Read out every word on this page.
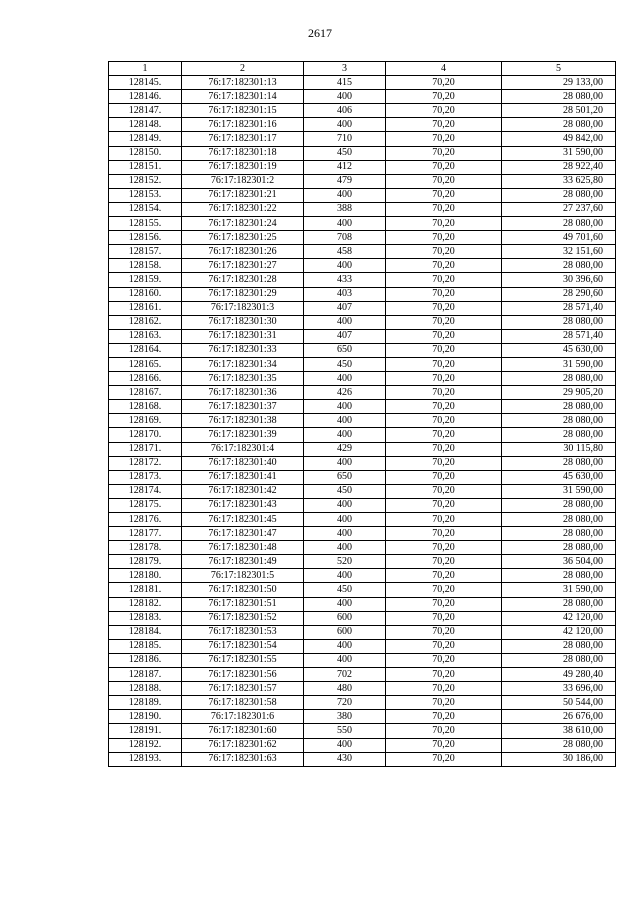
2617
1	2	3	4	5
128145.	76:17:182301:13	415	70,20	29 133,00
128146.	76:17:182301:14	400	70,20	28 080,00
128147.	76:17:182301:15	406	70,20	28 501,20
128148.	76:17:182301:16	400	70,20	28 080,00
128149.	76:17:182301:17	710	70,20	49 842,00
128150.	76:17:182301:18	450	70,20	31 590,00
128151.	76:17:182301:19	412	70,20	28 922,40
128152.	76:17:182301:2	479	70,20	33 625,80
128153.	76:17:182301:21	400	70,20	28 080,00
128154.	76:17:182301:22	388	70,20	27 237,60
128155.	76:17:182301:24	400	70,20	28 080,00
128156.	76:17:182301:25	708	70,20	49 701,60
128157.	76:17:182301:26	458	70,20	32 151,60
128158.	76:17:182301:27	400	70,20	28 080,00
128159.	76:17:182301:28	433	70,20	30 396,60
128160.	76:17:182301:29	403	70,20	28 290,60
128161.	76:17:182301:3	407	70,20	28 571,40
128162.	76:17:182301:30	400	70,20	28 080,00
128163.	76:17:182301:31	407	70,20	28 571,40
128164.	76:17:182301:33	650	70,20	45 630,00
128165.	76:17:182301:34	450	70,20	31 590,00
128166.	76:17:182301:35	400	70,20	28 080,00
128167.	76:17:182301:36	426	70,20	29 905,20
128168.	76:17:182301:37	400	70,20	28 080,00
128169.	76:17:182301:38	400	70,20	28 080,00
128170.	76:17:182301:39	400	70,20	28 080,00
128171.	76:17:182301:4	429	70,20	30 115,80
128172.	76:17:182301:40	400	70,20	28 080,00
128173.	76:17:182301:41	650	70,20	45 630,00
128174.	76:17:182301:42	450	70,20	31 590,00
128175.	76:17:182301:43	400	70,20	28 080,00
128176.	76:17:182301:45	400	70,20	28 080,00
128177.	76:17:182301:47	400	70,20	28 080,00
128178.	76:17:182301:48	400	70,20	28 080,00
128179.	76:17:182301:49	520	70,20	36 504,00
128180.	76:17:182301:5	400	70,20	28 080,00
128181.	76:17:182301:50	450	70,20	31 590,00
128182.	76:17:182301:51	400	70,20	28 080,00
128183.	76:17:182301:52	600	70,20	42 120,00
128184.	76:17:182301:53	600	70,20	42 120,00
128185.	76:17:182301:54	400	70,20	28 080,00
128186.	76:17:182301:55	400	70,20	28 080,00
128187.	76:17:182301:56	702	70,20	49 280,40
128188.	76:17:182301:57	480	70,20	33 696,00
128189.	76:17:182301:58	720	70,20	50 544,00
128190.	76:17:182301:6	380	70,20	26 676,00
128191.	76:17:182301:60	550	70,20	38 610,00
128192.	76:17:182301:62	400	70,20	28 080,00
128193.	76:17:182301:63	430	70,20	30 186,00
